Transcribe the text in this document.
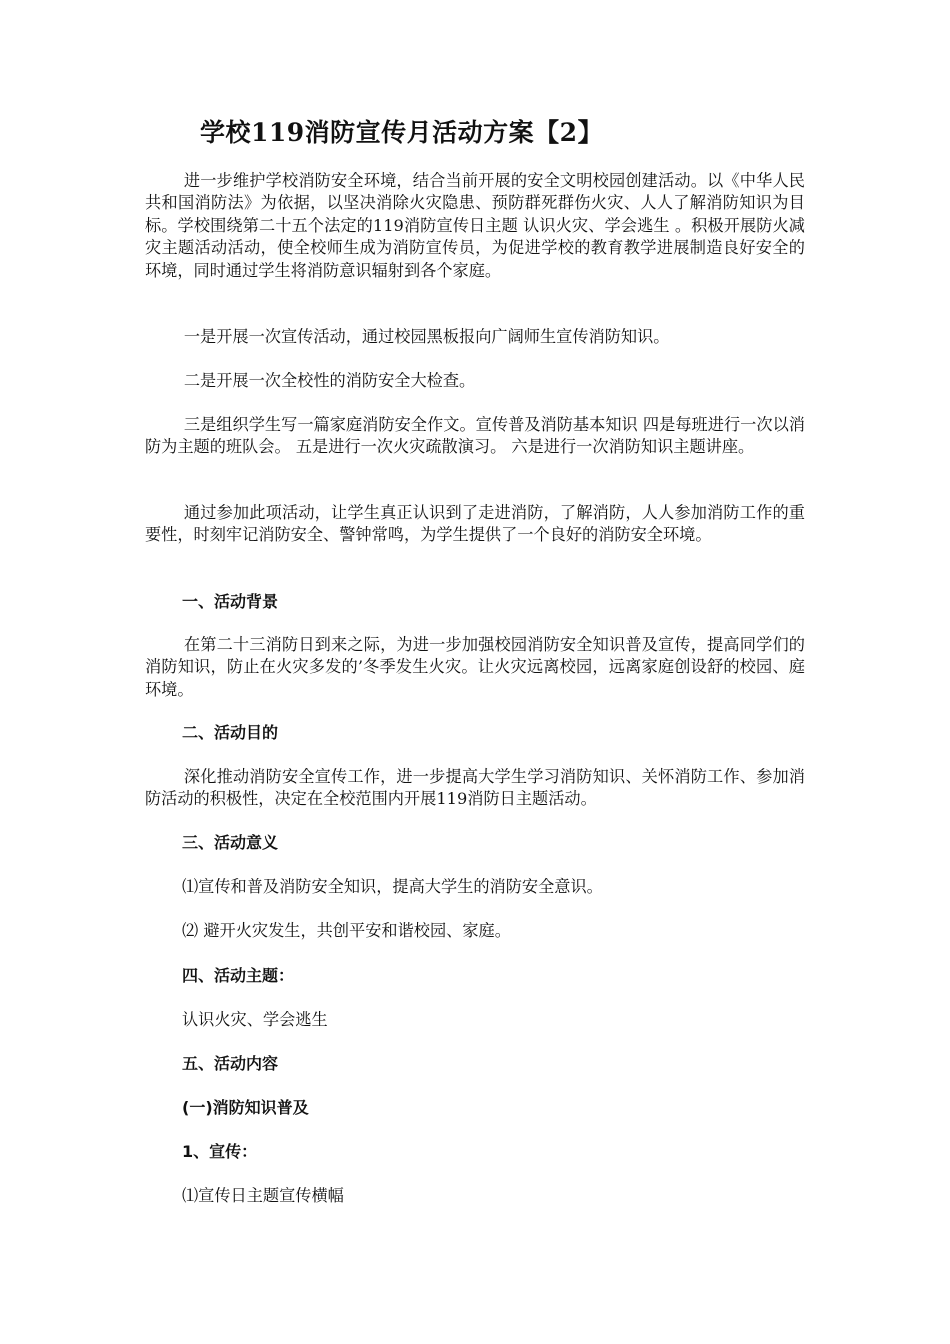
学校119消防宣传月活动方案【2】
进一步维护学校消防安全环境，结合当前开展的安全文明校园创建活动。以《中华人民共和国消防法》为依据，以坚决消除火灾隐患、预防群死群伤火灾、人人了解消防知识为目标。学校围绕第二十五个法定的119消防宣传日主题 认识火灾、学会逃生 。积极开展防火减灾主题活动活动，使全校师生成为消防宣传员，为促进学校的教育教学进展制造良好安全的环境，同时通过学生将消防意识辐射到各个家庭。
一是开展一次宣传活动，通过校园黑板报向广阔师生宣传消防知识。
二是开展一次全校性的消防安全大检查。
三是组织学生写一篇家庭消防安全作文。宣传普及消防基本知识 四是每班进行一次以消防为主题的班队会。 五是进行一次火灾疏散演习。 六是进行一次消防知识主题讲座。
通过参加此项活动，让学生真正认识到了走进消防，了解消防，人人参加消防工作的重要性，时刻牢记消防安全、警钟常鸣，为学生提供了一个良好的消防安全环境。
一、活动背景
在第二十三消防日到来之际，为进一步加强校园消防安全知识普及宣传，提高同学们的消防知识，防止在火灾多发的’冬季发生火灾。让火灾远离校园，远离家庭创设舒的校园、庭环境。
二、活动目的
深化推动消防安全宣传工作，进一步提高大学生学习消防知识、关怀消防工作、参加消防活动的积极性，决定在全校范围内开展119消防日主题活动。
三、活动意义
⑴宣传和普及消防安全知识，提高大学生的消防安全意识。
⑵ 避开火灾发生，共创平安和谐校园、家庭。
四、活动主题：
认识火灾、学会逃生
五、活动内容
(一)消防知识普及
1、宣传：
⑴宣传日主题宣传横幅
